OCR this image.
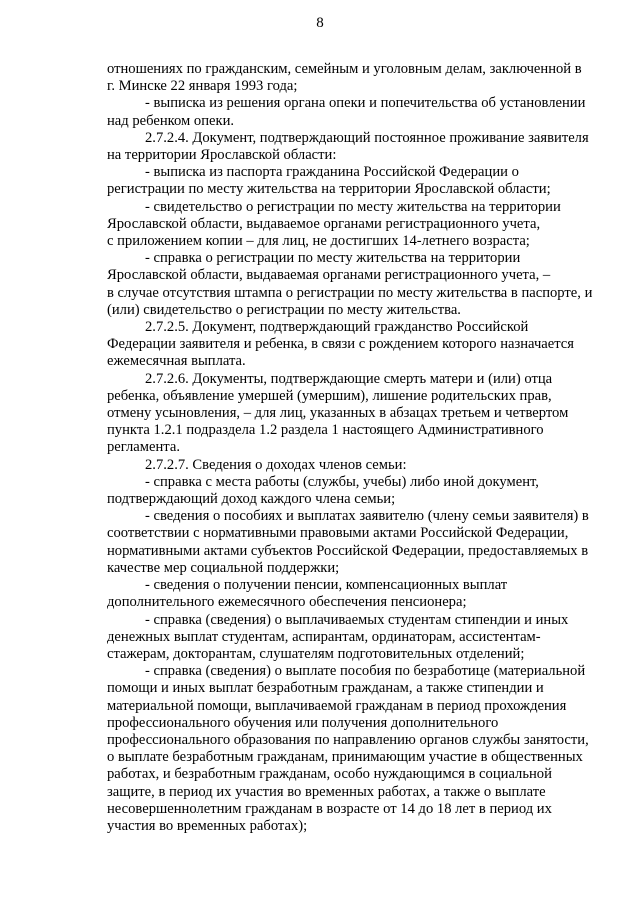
8

отношениях по гражданским, семейным и уголовным делам, заключенной в
г. Минске 22 января 1993 года;

- выписка из решения органа опеки и попечительства об установлении
над ребенком опеки.

2.7.2.4. Документ, подтверждающий постоянное проживание заявителя
на территории Ярославской области:

- выписка из паспорта гражданина Российской Федерации о
регистрации по месту жительства на территории Ярославской области;

- свидетельство о регистрации по месту жительства на территории
Ярославской области, выдаваемое органами регистрационного учета,
с приложением копии – для лиц, не достигших 14-летнего возраста;

- справка о регистрации по месту жительства на территории
Ярославской области, выдаваемая органами регистрационного учета, –
в случае отсутствия штампа о регистрации по месту жительства в паспорте, и
(или) свидетельство о регистрации по месту жительства.

2.7.2.5. Документ, подтверждающий гражданство Российской
Федерации заявителя и ребенка, в связи с рождением которого назначается
ежемесячная выплата.

2.7.2.6. Документы, подтверждающие смерть матери и (или) отца
ребенка, объявление умершей (умершим), лишение родительских прав,
отмену усыновления, – для лиц, указанных в абзацах третьем и четвертом
пункта 1.2.1 подраздела 1.2 раздела 1 настоящего Административного
регламента.

2.7.2.7. Сведения о доходах членов семьи:

- справка с места работы (службы, учебы) либо иной документ,
подтверждающий доход каждого члена семьи;

- сведения о пособиях и выплатах заявителю (члену семьи заявителя) в
соответствии с нормативными правовыми актами Российской Федерации,
нормативными актами субъектов Российской Федерации, предоставляемых в
качестве мер социальной поддержки;

- сведения о получении пенсии, компенсационных выплат
дополнительного ежемесячного обеспечения пенсионера;

- справка (сведения) о выплачиваемых студентам стипендии и иных
денежных выплат студентам, аспирантам, ординаторам, ассистентам-
стажерам, докторантам, слушателям подготовительных отделений;

- справка (сведения) о выплате пособия по безработице (материальной
помощи и иных выплат безработным гражданам, а также стипендии и
материальной помощи, выплачиваемой гражданам в период прохождения
профессионального обучения или получения дополнительного
профессионального образования по направлению органов службы занятости,
о выплате безработным гражданам, принимающим участие в общественных
работах, и безработным гражданам, особо нуждающимся в социальной
защите, в период их участия во временных работах, а также о выплате
несовершеннолетним гражданам в возрасте от 14 до 18 лет в период их
участия во временных работах);
